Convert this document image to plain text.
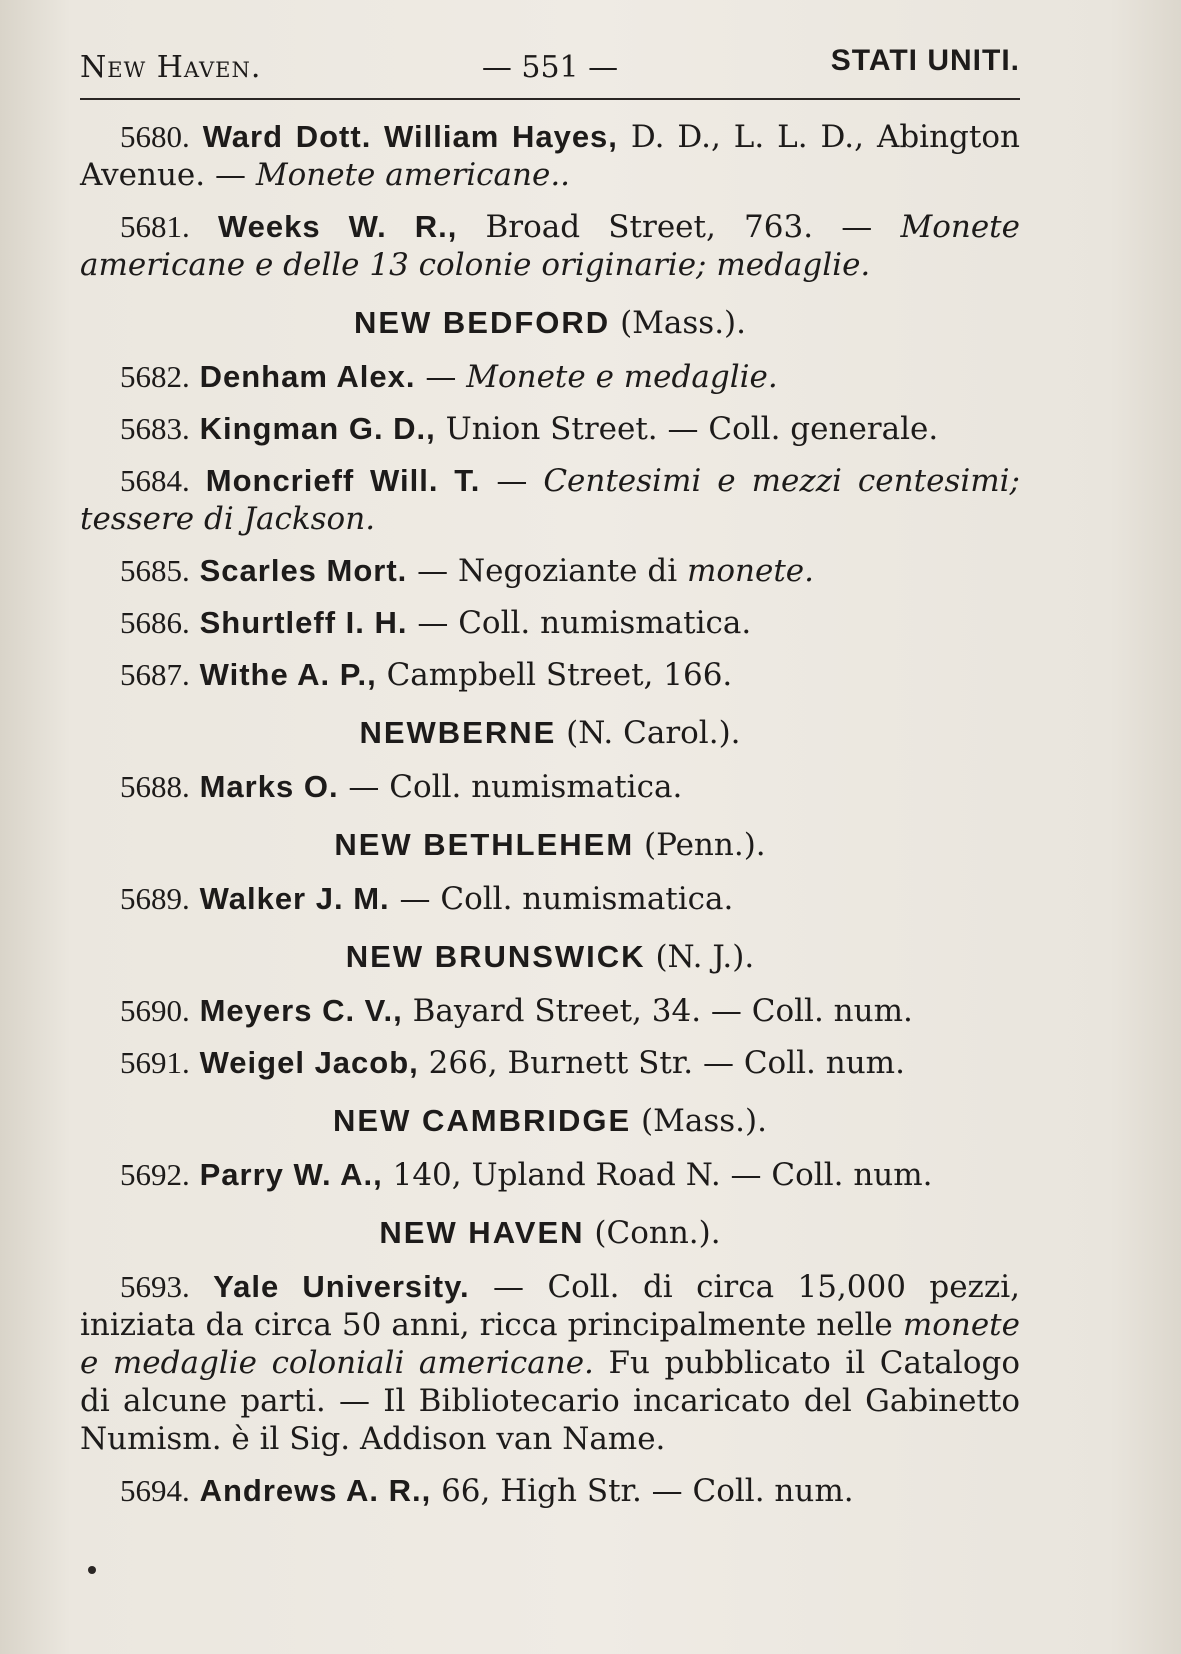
New Haven.	— 551 —	STATI UNITI.

5680. Ward Dott. William Hayes, D. D., L. L. D., Abington Avenue. — Monete americane..

5681. Weeks W. R., Broad Street, 763. — Monete americane e delle 13 colonie originarie; medaglie.

NEW BEDFORD (Mass.).

5682. Denham Alex. — Monete e medaglie.

5683. Kingman G. D., Union Street. — Coll. generale.

5684. Moncrieff Will. T. — Centesimi e mezzi centesimi; tessere di Jackson.

5685. Scarles Mort. — Negoziante di monete.

5686. Shurtleff I. H. — Coll. numismatica.

5687. Withe A. P., Campbell Street, 166.

NEWBERNE (N. Carol.).

5688. Marks O. — Coll. numismatica.

NEW BETHLEHEM (Penn.).

5689. Walker J. M. — Coll. numismatica.

NEW BRUNSWICK (N. J.).

5690. Meyers C. V., Bayard Street, 34. — Coll. num.

5691. Weigel Jacob, 266, Burnett Str. — Coll. num.

NEW CAMBRIDGE (Mass.).

5692. Parry W. A., 140, Upland Road N. — Coll. num.

NEW HAVEN (Conn.).

5693. Yale University. — Coll. di circa 15,000 pezzi, iniziata da circa 50 anni, ricca principalmente nelle monete e medaglie coloniali americane. Fu pubblicato il Catalogo di alcune parti. — Il Bibliotecario incaricato del Gabinetto Numism. è il Sig. Addison van Name.

5694. Andrews A. R., 66, High Str. — Coll. num.
